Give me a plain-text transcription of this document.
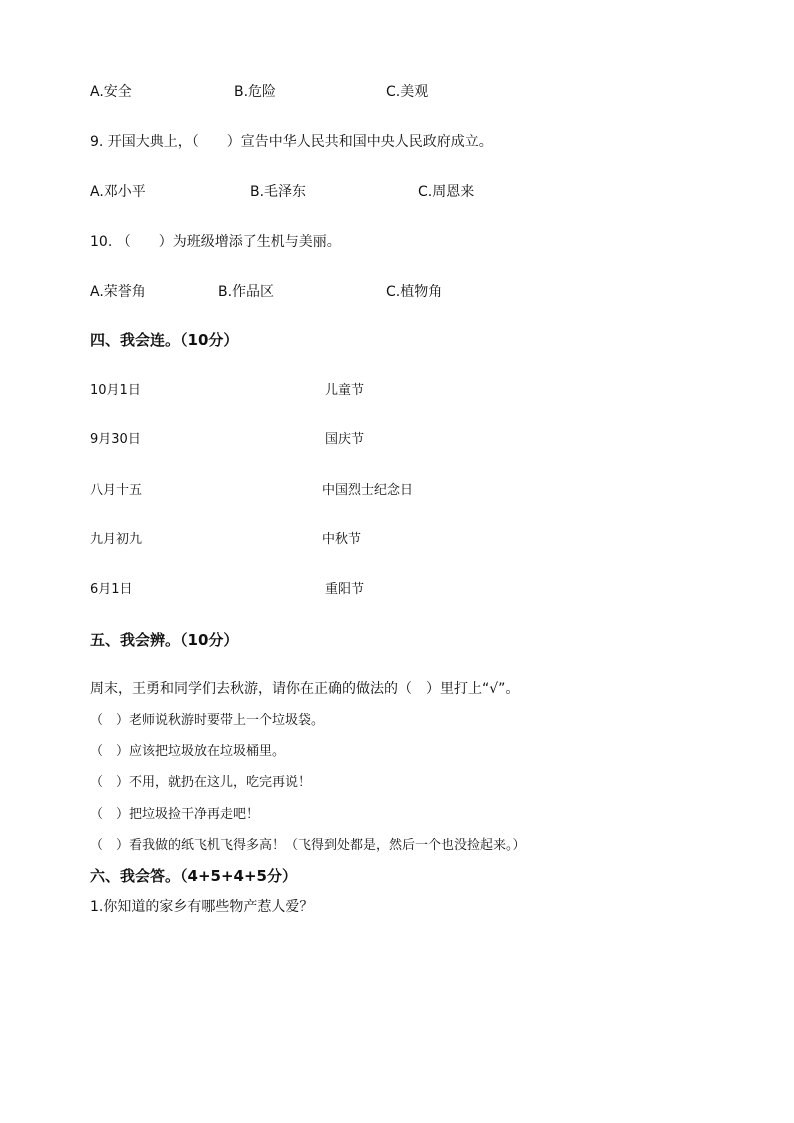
A.安全	B.危险	C.美观
9. 开国大典上，（　　）宣告中华人民共和国中央人民政府成立。
A.邓小平	B.毛泽东	C.周恩来
10. （　　）为班级增添了生机与美丽。
A.荣誉角	B.作品区	C.植物角
四、我会连。（10分）
10月1日	儿童节
9月30日	国庆节
八月十五	中国烈士纪念日
九月初九	中秋节
6月1日	重阳节
五、我会辨。（10分）
周末，王勇和同学们去秋游，请你在正确的做法的（　）里打上“√”。
（　）老师说秋游时要带上一个垃圾袋。
（　）应该把垃圾放在垃圾桶里。
（　）不用，就扔在这儿，吃完再说！
（　）把垃圾捡干净再走吧！
（　）看我做的纸飞机飞得多高！（飞得到处都是，然后一个也没捡起来。）
六、我会答。（4+5+4+5分）
1.你知道的家乡有哪些物产惹人爱？
